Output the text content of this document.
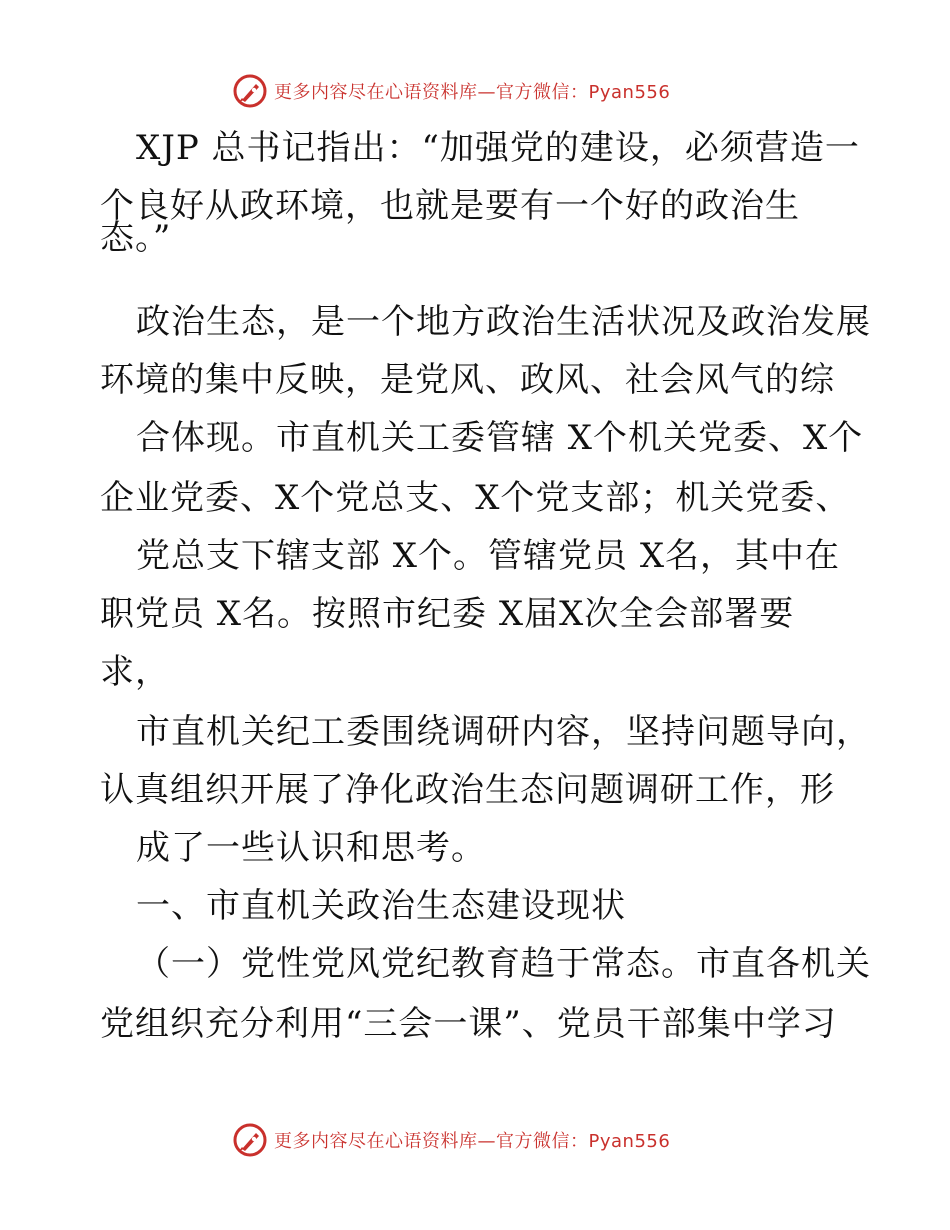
更多内容尽在心语资料库—官方微信：Pyan556
XJP 总书记指出：“加强党的建设，必须营造一
个良好从政环境，也就是要有一个好的政治生
态。”
政治生态，是一个地方政治生活状况及政治发展
环境的集中反映，是党风、政风、社会风气的综
合体现。市直机关工委管辖 X个机关党委、X个
企业党委、X个党总支、X个党支部；机关党委、
党总支下辖支部 X个。管辖党员 X名，其中在
职党员 X名。按照市纪委 X届X次全会部署要
求，
市直机关纪工委围绕调研内容，坚持问题导向，
认真组织开展了净化政治生态问题调研工作，形
成了一些认识和思考。
一、市直机关政治生态建设现状
（一）党性党风党纪教育趋于常态。市直各机关
党组织充分利用“三会一课”、党员干部集中学习
更多内容尽在心语资料库—官方微信：Pyan556
